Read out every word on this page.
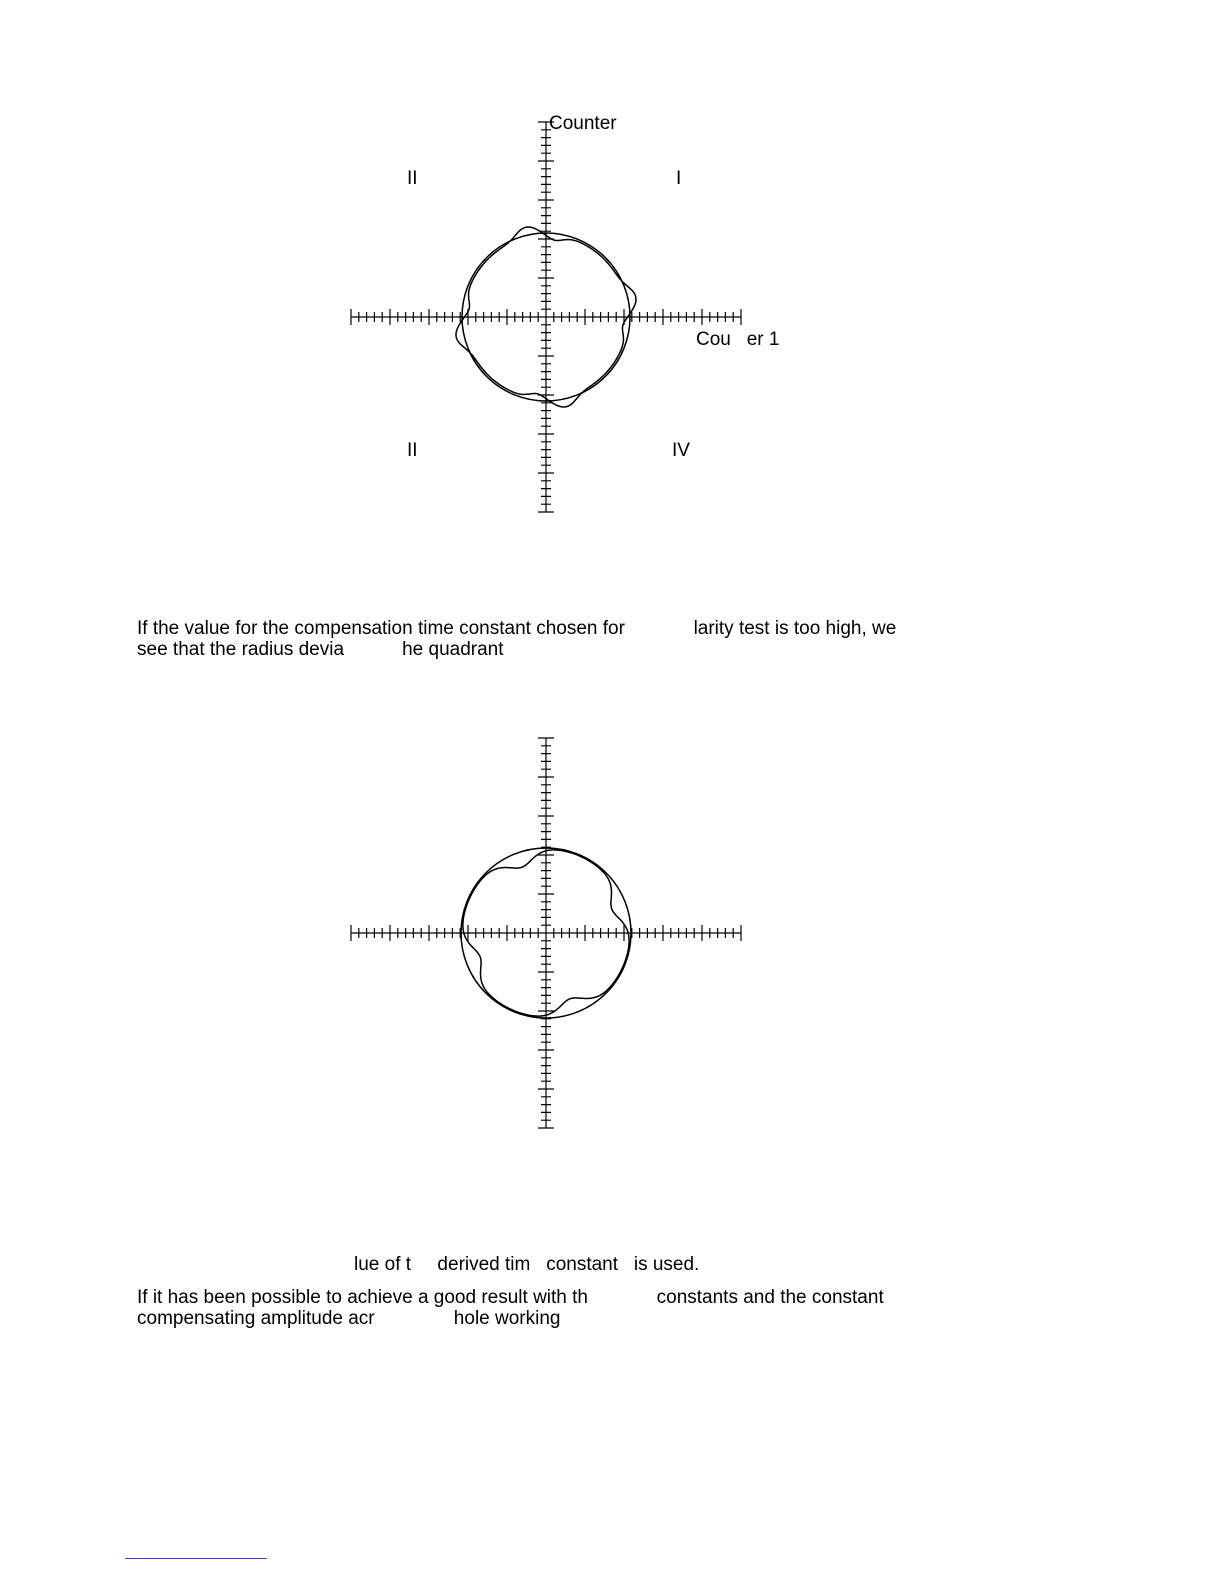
Counter
II	I
Cou   er 1
II	IV
If the value for the compensation time constant chosen for             larity test is too high, we
see that the radius devia           he quadrant
lue of t     derived tim   constant   is used.
If it has been possible to achieve a good result with th             constants and the constant
compensating amplitude acr               hole working
